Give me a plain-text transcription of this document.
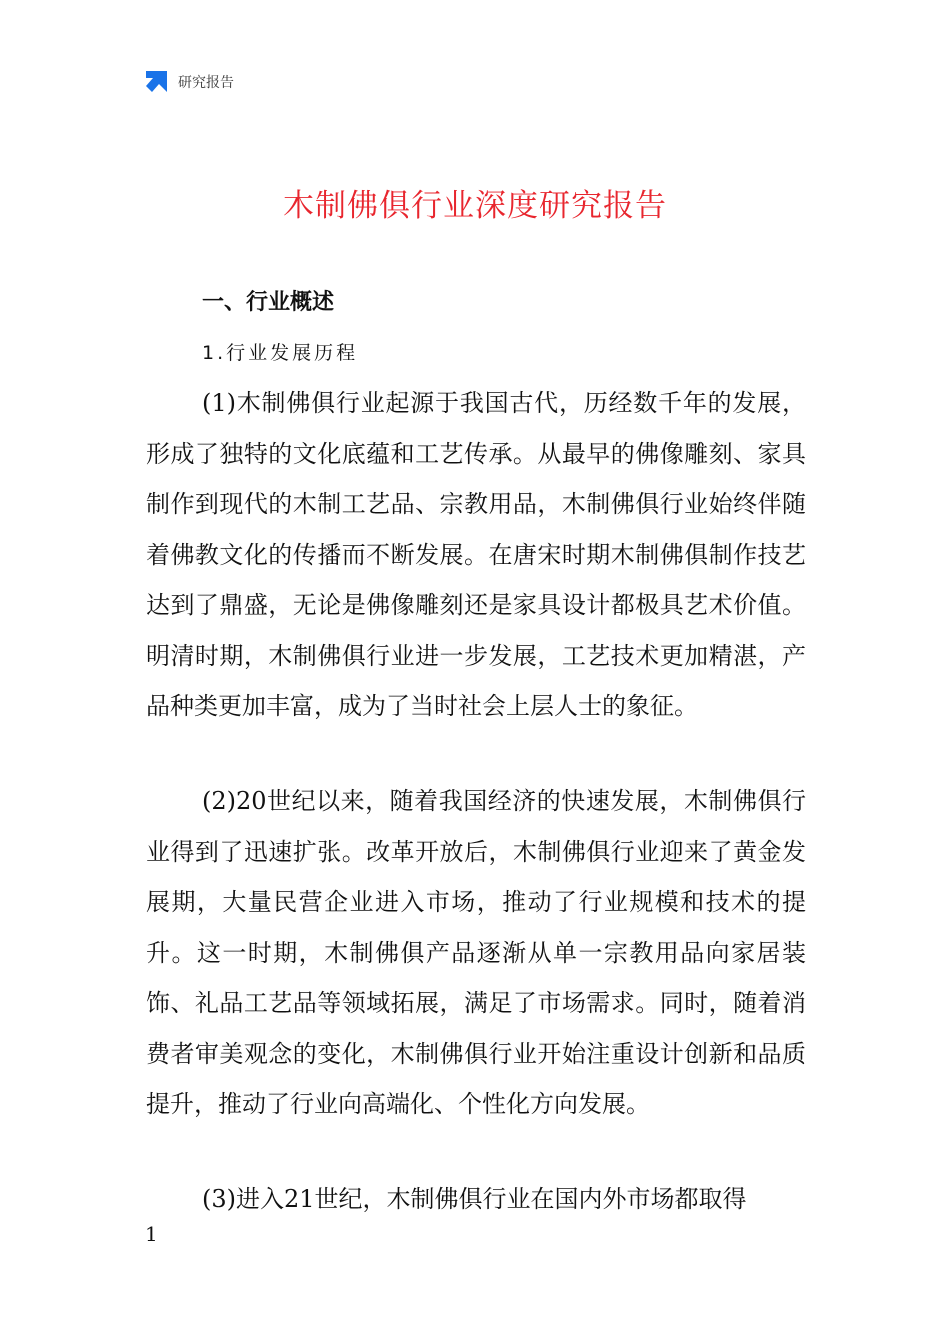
研究报告
木制佛俱行业深度研究报告
一、行业概述
1.行业发展历程

(1)木制佛俱行业起源于我国古代，历经数千年的发展，形成了独特的文化底蕴和工艺传承。从最早的佛像雕刻、家具制作到现代的木制工艺品、宗教用品，木制佛俱行业始终伴随着佛教文化的传播而不断发展。在唐宋时期木制佛俱制作技艺达到了鼎盛，无论是佛像雕刻还是家具设计都极具艺术价值。明清时期，木制佛俱行业进一步发展，工艺技术更加精湛，产品种类更加丰富，成为了当时社会上层人士的象征。

(2)20世纪以来，随着我国经济的快速发展，木制佛俱行业得到了迅速扩张。改革开放后，木制佛俱行业迎来了黄金发展期，大量民营企业进入市场，推动了行业规模和技术的提升。这一时期，木制佛俱产品逐渐从单一宗教用品向家居装饰、礼品工艺品等领域拓展，满足了市场需求。同时，随着消费者审美观念的变化，木制佛俱行业开始注重设计创新和品质提升，推动了行业向高端化、个性化方向发展。

(3)进入21世纪，木制佛俱行业在国内外市场都取得

1
